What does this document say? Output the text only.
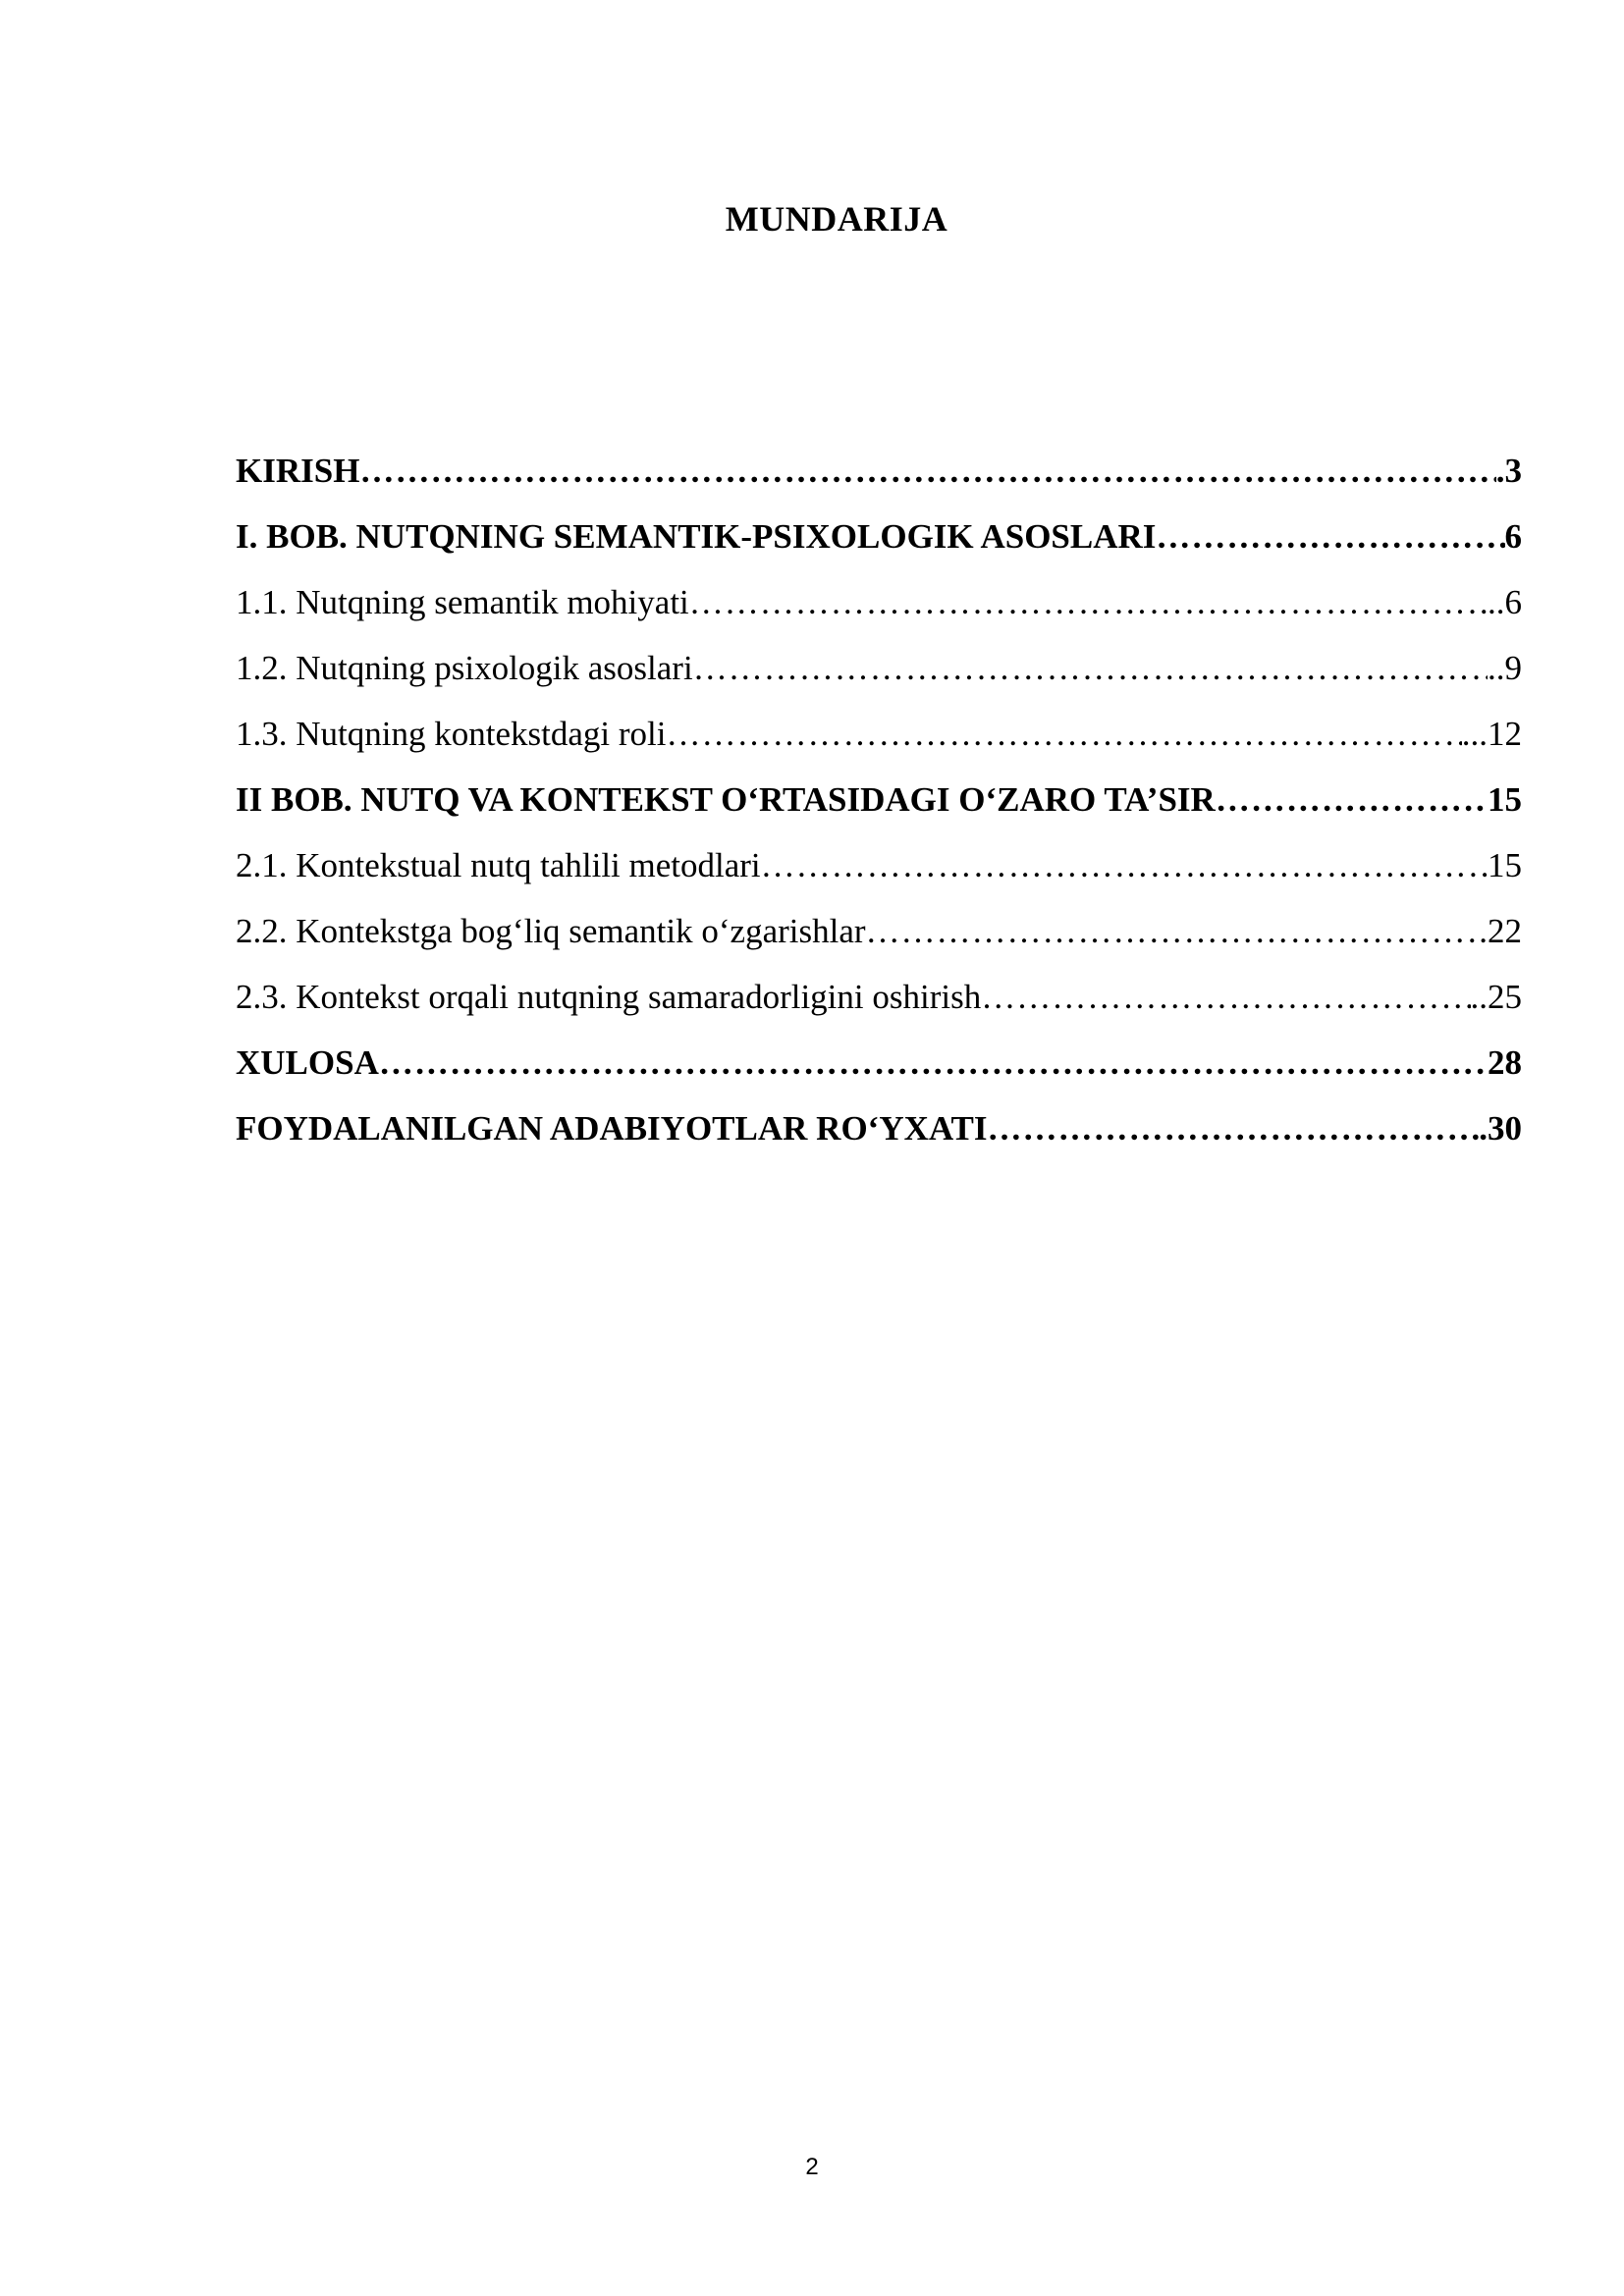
MUNDARIJA
KIRISH …………………………………………………………………………………………………………………………………………………………………………	.3
I. BOB. NUTQNING SEMANTIK-PSIXOLOGIK ASOSLARI …………………………………………………………………………………………………………………………………………………………………………	6
1.1. Nutqning semantik mohiyati …………………………………………………………………………………………………………………………………………………………………………	..6
1.2. Nutqning psixologik asoslari …………………………………………………………………………………………………………………………………………………………………………	..9
1.3. Nutqning kontekstdagi roli …………………………………………………………………………………………………………………………………………………………………………	...12
II BOB. NUTQ VA KONTEKST O‘RTASIDAGI O‘ZARO TA’SIR …………………………………………………………………………………………………………………………………………………………………………	15
2.1. Kontekstual nutq tahlili metodlari …………………………………………………………………………………………………………………………………………………………………………	15
2.2. Kontekstga bog‘liq semantik o‘zgarishlar …………………………………………………………………………………………………………………………………………………………………………	.22
2.3. Kontekst orqali nutqning samaradorligini oshirish …………………………………………………………………………………………………………………………………………………………………………	..25
XULOSA …………………………………………………………………………………………………………………………………………………………………………	28
FOYDALANILGAN ADABIYOTLAR RO‘YXATI …………………………………………………………………………………………………………………………………………………………………………	.30
2
